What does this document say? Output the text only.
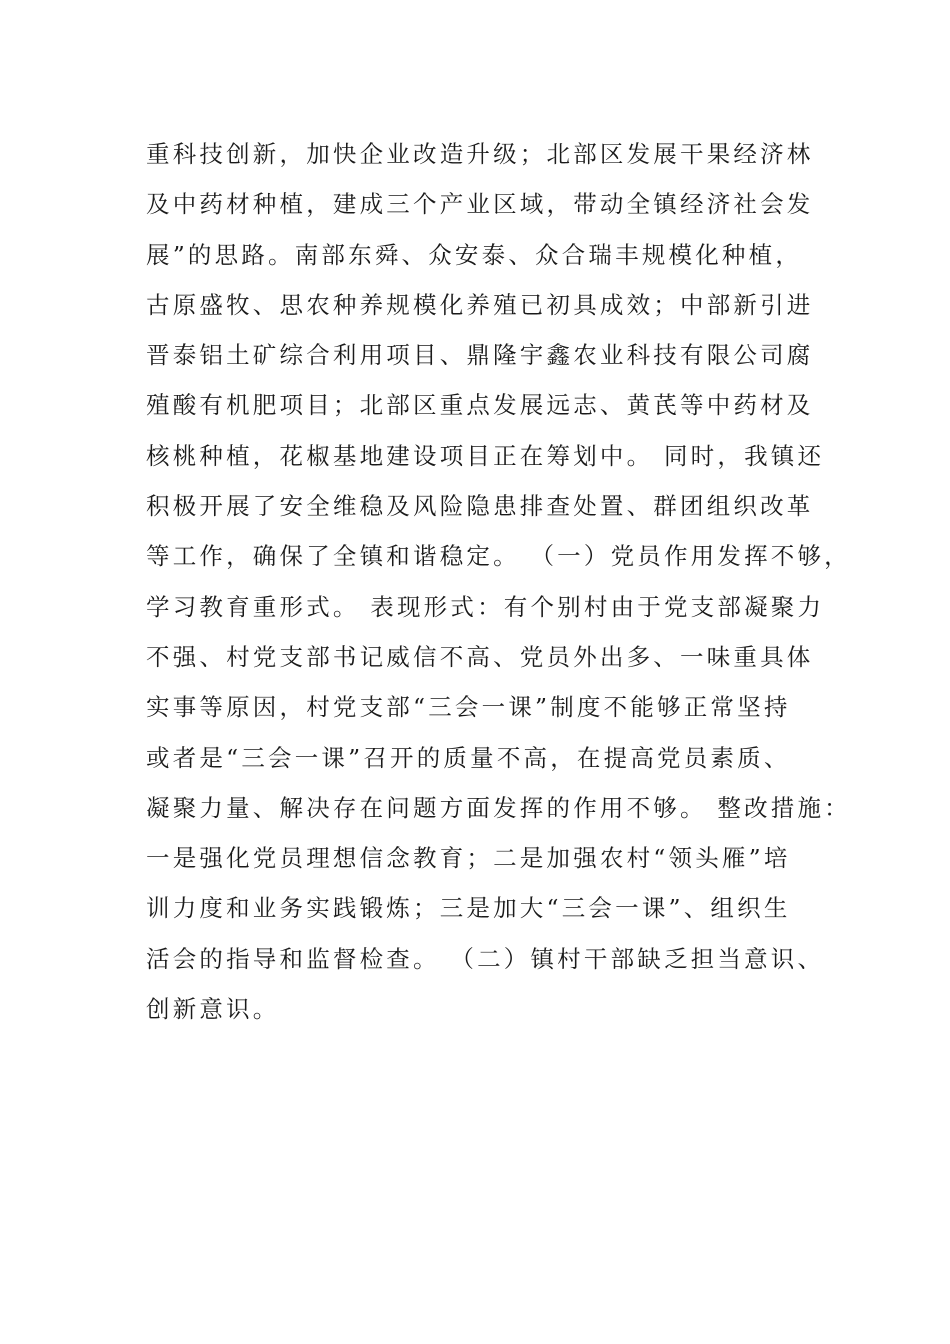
重科技创新，加快企业改造升级；北部区发展干果经济林
及中药材种植，建成三个产业区域，带动全镇经济社会发
展”的思路。南部东舜、众安泰、众合瑞丰规模化种植，
古原盛牧、思农种养规模化养殖已初具成效；中部新引进
晋泰铝土矿综合利用项目、鼎隆宇鑫农业科技有限公司腐
殖酸有机肥项目；北部区重点发展远志、黄芪等中药材及
核桃种植，花椒基地建设项目正在筹划中。 同时，我镇还
积极开展了安全维稳及风险隐患排查处置、群团组织改革
等工作，确保了全镇和谐稳定。 （一）党员作用发挥不够，
学习教育重形式。 表现形式：有个别村由于党支部凝聚力
不强、村党支部书记威信不高、党员外出多、一味重具体
实事等原因，村党支部“三会一课”制度不能够正常坚持
或者是“三会一课”召开的质量不高，在提高党员素质、
凝聚力量、解决存在问题方面发挥的作用不够。 整改措施：
一是强化党员理想信念教育；二是加强农村“领头雁”培
训力度和业务实践锻炼；三是加大“三会一课”、组织生
活会的指导和监督检查。 （二）镇村干部缺乏担当意识、
创新意识。
